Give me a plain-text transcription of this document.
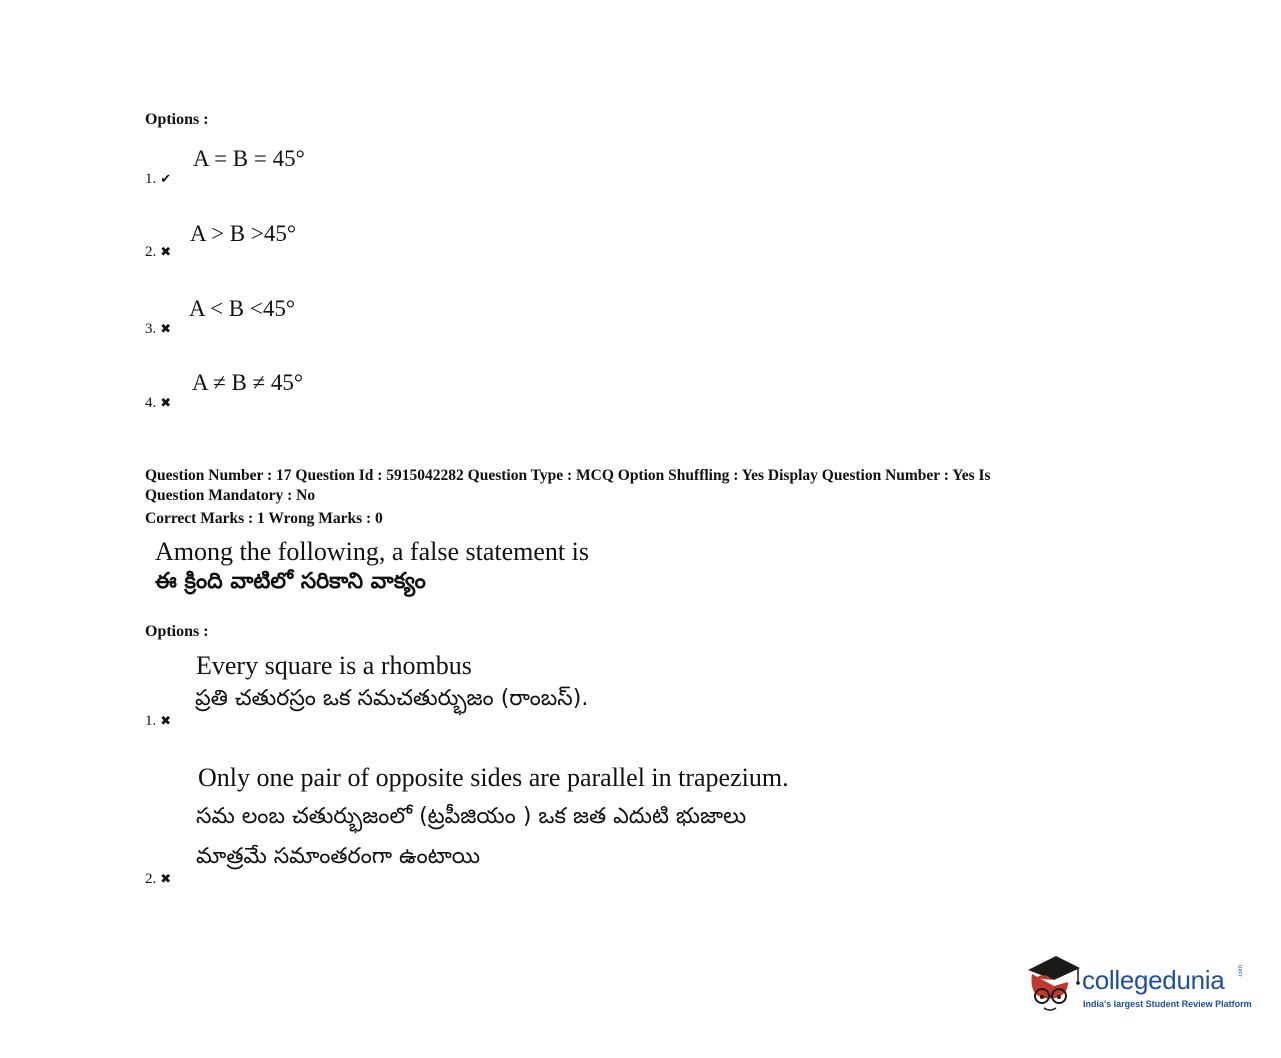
Options :
A = B = 45°
1. ✔
A > B >45°
2. ✖
A < B <45°
3. ✖
A ≠ B ≠ 45°
4. ✖
Question Number : 17 Question Id : 5915042282 Question Type : MCQ Option Shuffling : Yes Display Question Number : Yes Is
Question Mandatory : No
Correct Marks : 1 Wrong Marks : 0
Among the following, a false statement is
ఈ క్రింది వాటిలో సరికాని వాక్యం
Options :
Every square is a rhombus
ప్రతి చతురస్రం ఒక సమచతుర్భుజం (రాంబస్).
1. ✖
Only one pair of opposite sides are parallel in trapezium.
సమ లంబ చతుర్భుజంలో (ట్రపీజియం ) ఒక జత ఎదుటి భుజాలు
మాత్రమే సమాంతరంగా ఉంటాయి
2. ✖
collegedunia
India's largest Student Review Platform
.com
